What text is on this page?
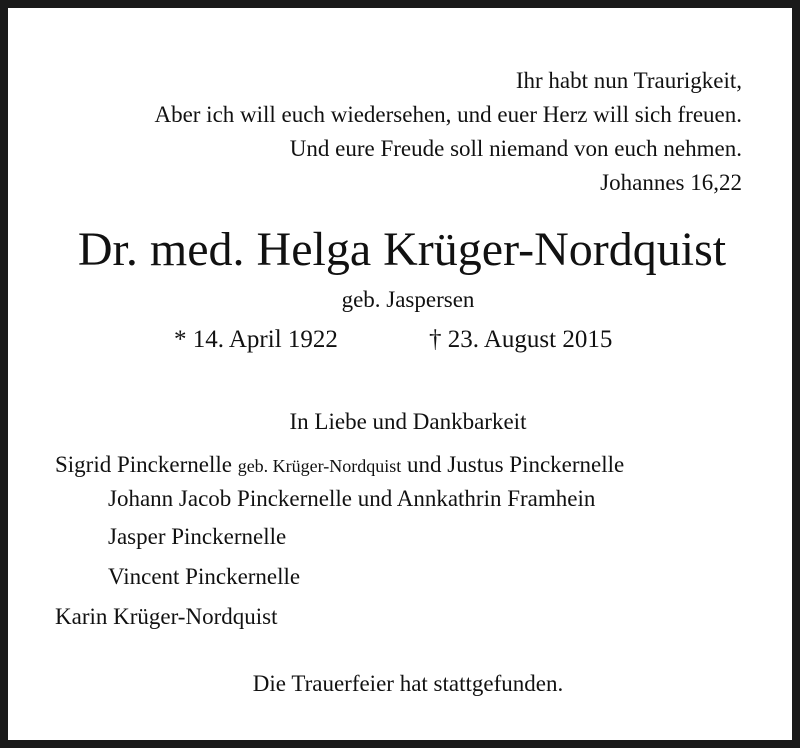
Ihr habt nun Traurigkeit,
Aber ich will euch wiedersehen, und euer Herz will sich freuen.
Und eure Freude soll niemand von euch nehmen.
Johannes 16,22
Dr. med. Helga Krüger-Nordquist
geb. Jaspersen
* 14. April 1922	† 23. August 2015
In Liebe und Dankbarkeit
Sigrid Pinckernelle geb. Krüger-Nordquist und Justus Pinckernelle
Johann Jacob Pinckernelle und Annkathrin Framhein
Jasper Pinckernelle
Vincent Pinckernelle
Karin Krüger-Nordquist
Die Trauerfeier hat stattgefunden.
